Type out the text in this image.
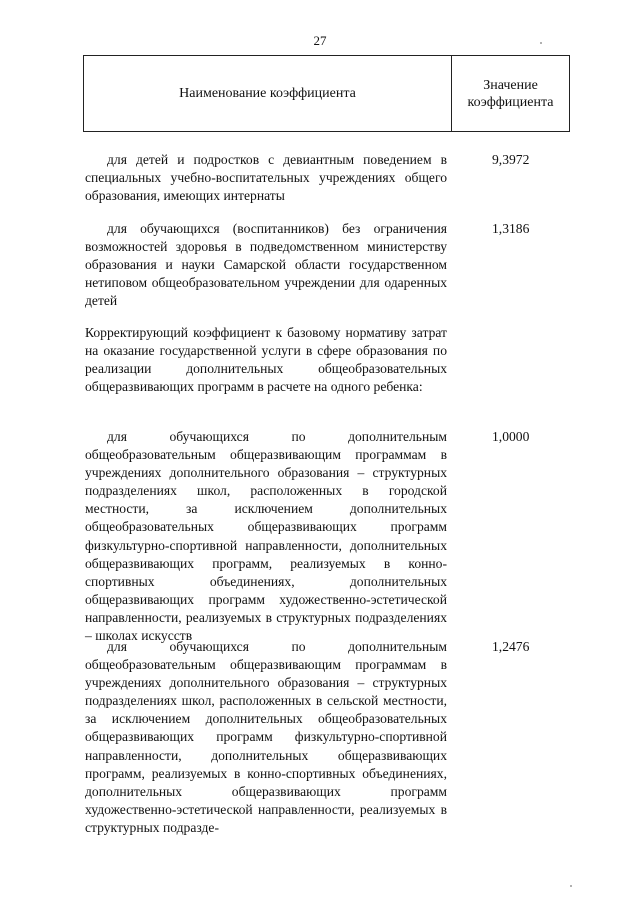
27
Наименование коэффициента
Значение
коэффициента
для детей и подростков с девиантным поведением в специальных учебно-воспитательных учреждениях общего образования, имеющих интернаты
9,3972
для обучающихся (воспитанников) без ограничения возможностей здоровья в подведомственном министерству образования и науки Самарской области государственном нетиповом общеобразовательном учреждении для одаренных детей
1,3186
Корректирующий коэффициент к базовому нормативу затрат на оказание государственной услуги в сфере образования по реализации дополнительных общеобразовательных общеразвивающих программ в расчете на одного ребенка:
для обучающихся по дополнительным общеобразовательным общеразвивающим программам в учреждениях дополнительного образования – структурных подразделениях школ, расположенных в городской местности, за исключением дополнительных общеобразовательных общеразвивающих программ физкультурно-спортивной направленности, дополнительных общеразвивающих программ, реализуемых в конно-спортивных объединениях, дополнительных общеразвивающих программ художественно-эстетической направленности, реализуемых в структурных подразделениях – школах искусств
1,0000
для обучающихся по дополнительным общеобразовательным общеразвивающим программам в учреждениях дополнительного образования – структурных подразделениях школ, расположенных в сельской местности, за исключением дополнительных общеобразовательных общеразвивающих программ физкультурно-спортивной направленности, дополнительных общеразвивающих программ, реализуемых в конно-спортивных объединениях, дополнительных общеразвивающих программ художественно-эстетической направленности, реализуемых в структурных подразде-
1,2476
